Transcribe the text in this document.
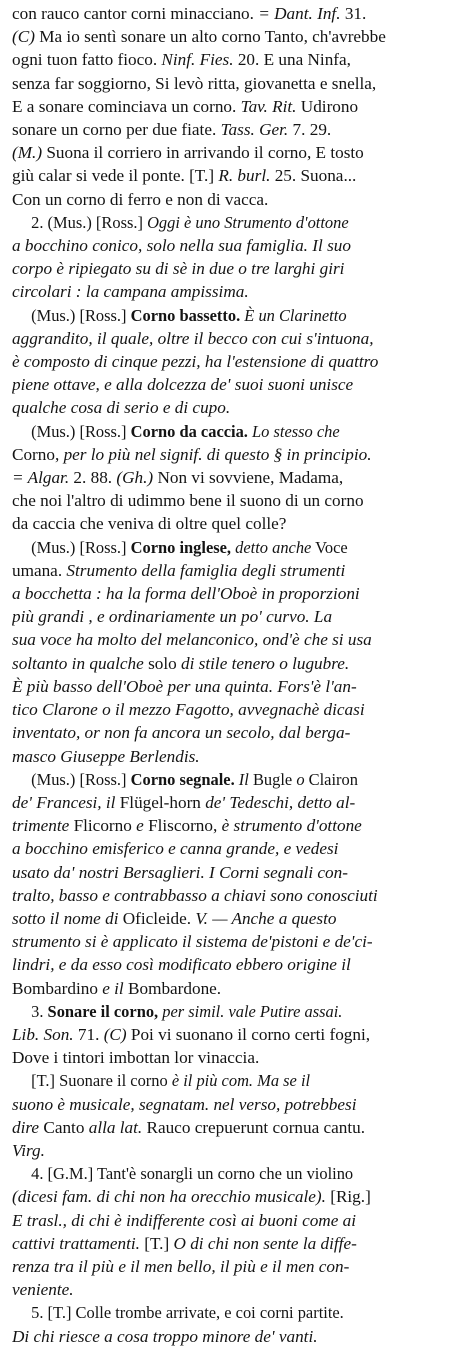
con rauco cantor corni minacciano. = Dant. Inf. 31.
(C) Ma io sentì sonare un alto corno Tanto, ch'avrebbe
ogni tuon fatto fioco. Ninf. Fies. 20. E una Ninfa,
senza far soggiorno, Si levò ritta, giovanetta e snella,
E a sonare cominciava un corno. Tav. Rit. Udirono
sonare un corno per due fiate. Tass. Ger. 7. 29.
(M.) Suona il corriero in arrivando il corno, E tosto
giù calar si vede il ponte. [T.] R. burl. 25. Suona...
Con un corno di ferro e non di vacca.
2. (Mus.) [Ross.] Oggi è uno Strumento d'ottone
a bocchino conico, solo nella sua famiglia. Il suo
corpo è ripiegato su di sè in due o tre larghi giri
circolari : la campana ampissima.
(Mus.) [Ross.] Corno bassetto. È un Clarinetto
aggrandito, il quale, oltre il becco con cui s'intuona,
è composto di cinque pezzi, ha l'estensione di quattro
piene ottave, e alla dolcezza de' suoi suoni unisce
qualche cosa di serio e di cupo.
(Mus.) [Ross.] Corno da caccia. Lo stesso che
Corno, per lo più nel signif. di questo § in principio.
= Algar. 2. 88. (Gh.) Non vi sovviene, Madama,
che noi l'altro di udimmo bene il suono di un corno
da caccia che veniva di oltre quel colle?
(Mus.) [Ross.] Corno inglese, detto anche Voce
umana. Strumento della famiglia degli strumenti
a bocchetta : ha la forma dell'Oboè in proporzioni
più grandi , e ordinariamente un po' curvo. La
sua voce ha molto del melanconico, ond'è che si usa
soltanto in qualche solo di stile tenero o lugubre.
È più basso dell'Oboè per una quinta. Fors'è l'an-
tico Clarone o il mezzo Fagotto, avvegnachè dicasi
inventato, or non fa ancora un secolo, dal berga-
masco Giuseppe Berlendis.
(Mus.) [Ross.] Corno segnale. Il Bugle o Clairon
de' Francesi, il Flügel-horn de' Tedeschi, detto al-
trimente Flicorno e Fliscorno, è strumento d'ottone
a bocchino emisferico e canna grande, e vedesi
usato da' nostri Bersaglieri. I Corni segnali con-
tralto, basso e contrabbasso a chiavi sono conosciuti
sotto il nome di Oficleide. V. — Anche a questo
strumento si è applicato il sistema de'pistoni e de'ci-
lindri, e da esso così modificato ebbero origine il
Bombardino e il Bombardone.
3. Sonare il corno, per simil. vale Putire assai.
Lib. Son. 71. (C) Poi vi suonano il corno certi fogni,
Dove i tintori imbottan lor vinaccia.
[T.] Suonare il corno è il più com. Ma se il
suono è musicale, segnatam. nel verso, potrebbesi
dire Canto alla lat. Rauco crepuerunt cornua cantu.
Virg.
4. [G.M.] Tant'è sonargli un corno che un violino
(dicesi fam. di chi non ha orecchio musicale). [Rig.]
E trasl., di chi è indifferente così ai buoni come ai
cattivi trattamenti. [T.] O di chi non sente la diffe-
renza tra il più e il men bello, il più e il men con-
veniente.
5. [T.] Colle trombe arrivate, e coi corni partite.
Di chi riesce a cosa troppo minore de' vanti.
